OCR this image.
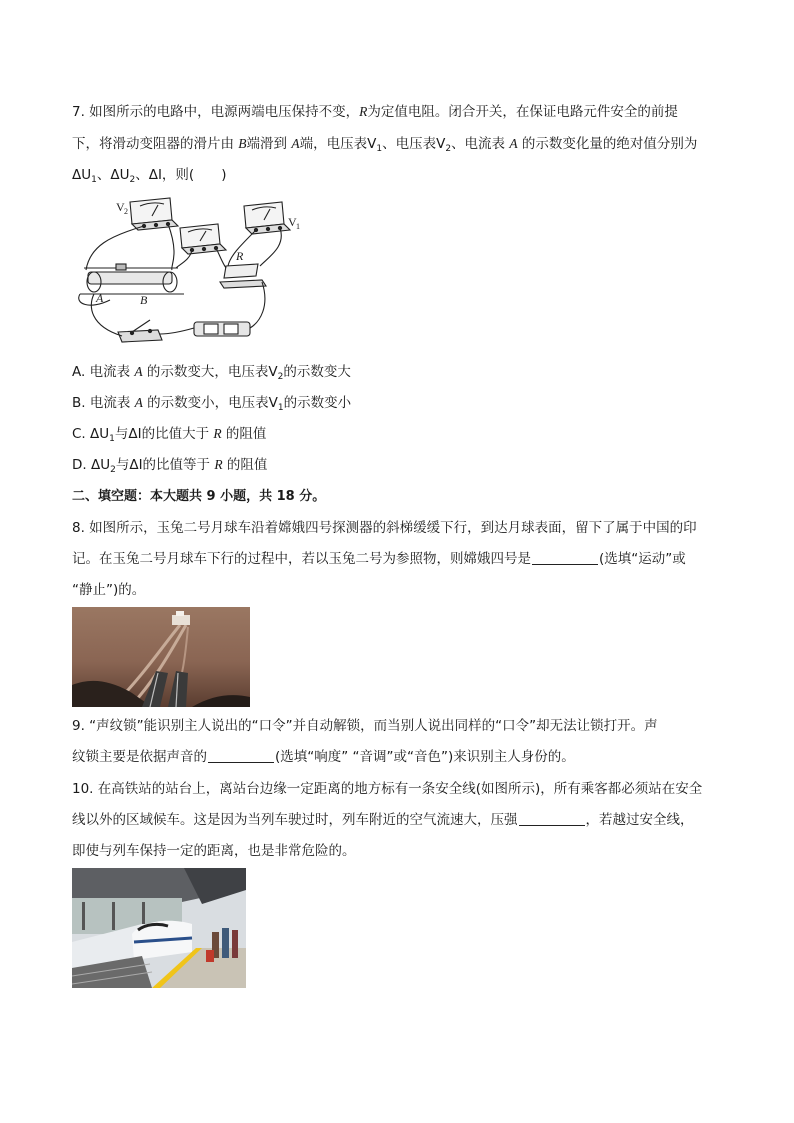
7. 如图所示的电路中，电源两端电压保持不变，R为定值电阻。闭合开关，在保证电路元件安全的前提
下，将滑动变阻器的滑片由 B端滑到 A端，电压表$V_1$、电压表$V_2$、电流表 A 的示数变化量的绝对值分别为
$\Delta U_1$、$\Delta U_2$、ΔI，则(　　)
V 2
V 1
R
A	B
A. 电流表 A 的示数变大，电压表$V_2$的示数变大
B. 电流表 A 的示数变小，电压表$V_1$的示数变小
C. $\Delta U_1$与ΔI的比值大于 R 的阻值
D. $\Delta U_2$与ΔI的比值等于 R 的阻值
二、填空题：本大题共 9 小题，共 18 分。
8. 如图所示，玉兔二号月球车沿着嫦娥四号探测器的斜梯缓缓下行，到达月球表面，留下了属于中国的印
记。在玉兔二号月球车下行的过程中，若以玉兔二号为参照物，则嫦娥四号是	(选填“运动”或
“静止”)的。
9. “声纹锁”能识别主人说出的“口令”并自动解锁，而当别人说出同样的“口令”却无法让锁打开。声
纹锁主要是依据声音的	(选填“响度” “音调”或“音色”)来识别主人身份的。
10. 在高铁站的站台上，离站台边缘一定距离的地方标有一条安全线(如图所示)，所有乘客都必须站在安全
线以外的区域候车。这是因为当列车驶过时，列车附近的空气流速大，压强	，若越过安全线，
即使与列车保持一定的距离，也是非常危险的。
